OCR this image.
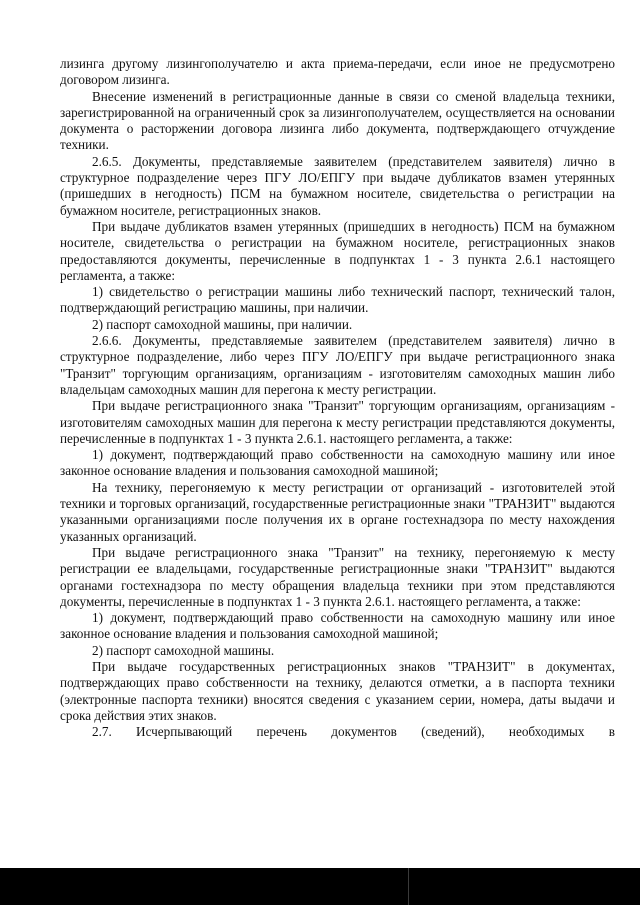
лизинга другому лизингополучателю и акта приема-передачи, если иное не предусмотрено договором лизинга.

Внесение изменений в регистрационные данные в связи со сменой владельца техники, зарегистрированной на ограниченный срок за лизингополучателем, осуществляется на основании документа о расторжении договора лизинга либо документа, подтверждающего отчуждение техники.

2.6.5. Документы, представляемые заявителем (представителем заявителя) лично в структурное подразделение через ПГУ ЛО/ЕПГУ при выдаче дубликатов взамен утерянных (пришедших в негодность) ПСМ на бумажном носителе, свидетельства о регистрации на бумажном носителе, регистрационных знаков.

При выдаче дубликатов взамен утерянных (пришедших в негодность) ПСМ на бумажном носителе, свидетельства о регистрации на бумажном носителе, регистрационных знаков предоставляются документы, перечисленные в подпунктах 1 - 3 пункта 2.6.1 настоящего регламента, а также:

1) свидетельство о регистрации машины либо технический паспорт, технический талон, подтверждающий регистрацию машины, при наличии.

2) паспорт самоходной машины, при наличии.

2.6.6. Документы, представляемые заявителем (представителем заявителя) лично в структурное подразделение, либо через ПГУ ЛО/ЕПГУ при выдаче регистрационного знака "Транзит" торгующим организациям, организациям - изготовителям самоходных машин либо владельцам самоходных машин для перегона к месту регистрации.

При выдаче регистрационного знака "Транзит" торгующим организациям, организациям - изготовителям самоходных машин для перегона к месту регистрации представляются документы, перечисленные в подпунктах 1 - 3 пункта 2.6.1. настоящего регламента, а также:

1) документ, подтверждающий право собственности на самоходную машину или иное законное основание владения и пользования самоходной машиной;

На технику, перегоняемую к месту регистрации от организаций - изготовителей этой техники и торговых организаций, государственные регистрационные знаки "ТРАНЗИТ" выдаются указанными организациями после получения их в органе гостехнадзора по месту нахождения указанных организаций.

При выдаче регистрационного знака "Транзит" на технику, перегоняемую к месту регистрации ее владельцами, государственные регистрационные знаки "ТРАНЗИТ" выдаются органами гостехнадзора по месту обращения владельца техники при этом представляются документы, перечисленные в подпунктах 1 - 3 пункта 2.6.1. настоящего регламента, а также:

1) документ, подтверждающий право собственности на самоходную машину или иное законное основание владения и пользования самоходной машиной;

2) паспорт самоходной машины.

При выдаче государственных регистрационных знаков "ТРАНЗИТ" в документах, подтверждающих право собственности на технику, делаются отметки, а в паспорта техники (электронные паспорта техники) вносятся сведения с указанием серии, номера, даты выдачи и срока действия этих знаков.

2.7. Исчерпывающий перечень документов (сведений), необходимых в
